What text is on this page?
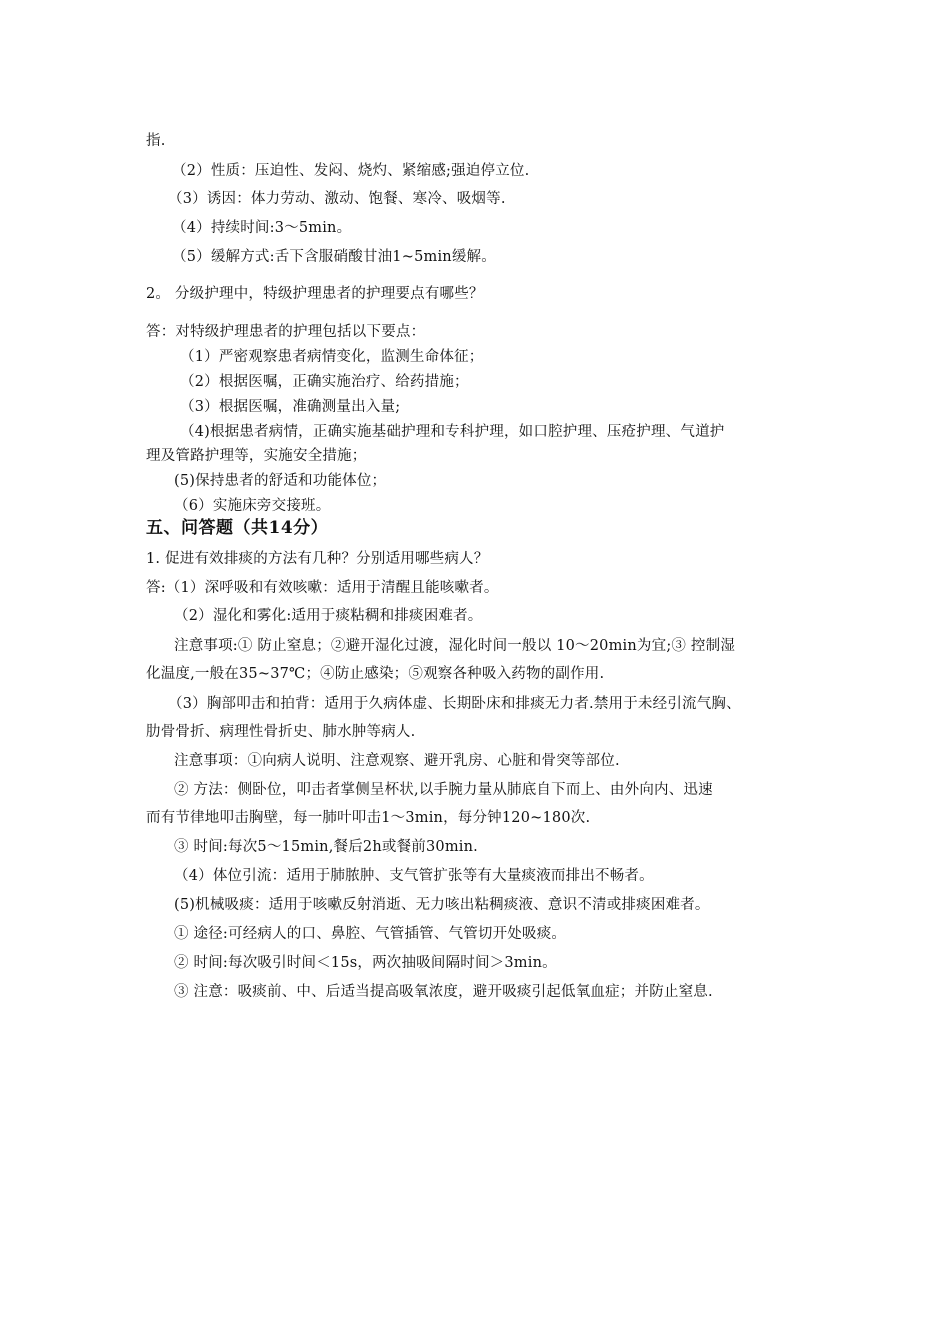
指.
（2）性质：压迫性、发闷、烧灼、紧缩感;强迫停立位.
（3）诱因：体力劳动、激动、饱餐、寒冷、吸烟等.
（4）持续时间:3～5min。
（5）缓解方式:舌下含服硝酸甘油1~5min缓解。
2。 分级护理中，特级护理患者的护理要点有哪些？
答：对特级护理患者的护理包括以下要点：
（1）严密观察患者病情变化，监测生命体征；
（2）根据医嘱，正确实施治疗、给药措施；
（3）根据医嘱，准确测量出入量;
（4)根据患者病情，正确实施基础护理和专科护理，如口腔护理、压疮护理、气道护
理及管路护理等，实施安全措施；
(5)保持患者的舒适和功能体位；
（6）实施床旁交接班。
五、问答题（共14分）
1. 促进有效排痰的方法有几种？分别适用哪些病人？
答:（1）深呼吸和有效咳嗽：适用于清醒且能咳嗽者。
（2）湿化和雾化:适用于痰粘稠和排痰困难者。
注意事项:① 防止窒息；②避开湿化过渡，湿化时间一般以 10～20min为宜;③ 控制湿
化温度,一般在35~37℃；④防止感染；⑤观察各种吸入药物的副作用.
（3）胸部叩击和拍背：适用于久病体虚、长期卧床和排痰无力者.禁用于未经引流气胸、
肋骨骨折、病理性骨折史、肺水肿等病人.
注意事项：①向病人说明、注意观察、避开乳房、心脏和骨突等部位.
② 方法：侧卧位，叩击者掌侧呈杯状,以手腕力量从肺底自下而上、由外向内、迅速
而有节律地叩击胸壁，每一肺叶叩击1～3min，每分钟120~180次.
③ 时间:每次5～15min,餐后2h或餐前30min.
（4）体位引流：适用于肺脓肿、支气管扩张等有大量痰液而排出不畅者。
(5)机械吸痰：适用于咳嗽反射消逝、无力咳出粘稠痰液、意识不清或排痰困难者。
① 途径:可经病人的口、鼻腔、气管插管、气管切开处吸痰。
② 时间:每次吸引时间＜15s，两次抽吸间隔时间＞3min。
③ 注意：吸痰前、中、后适当提高吸氧浓度，避开吸痰引起低氧血症；并防止窒息.
